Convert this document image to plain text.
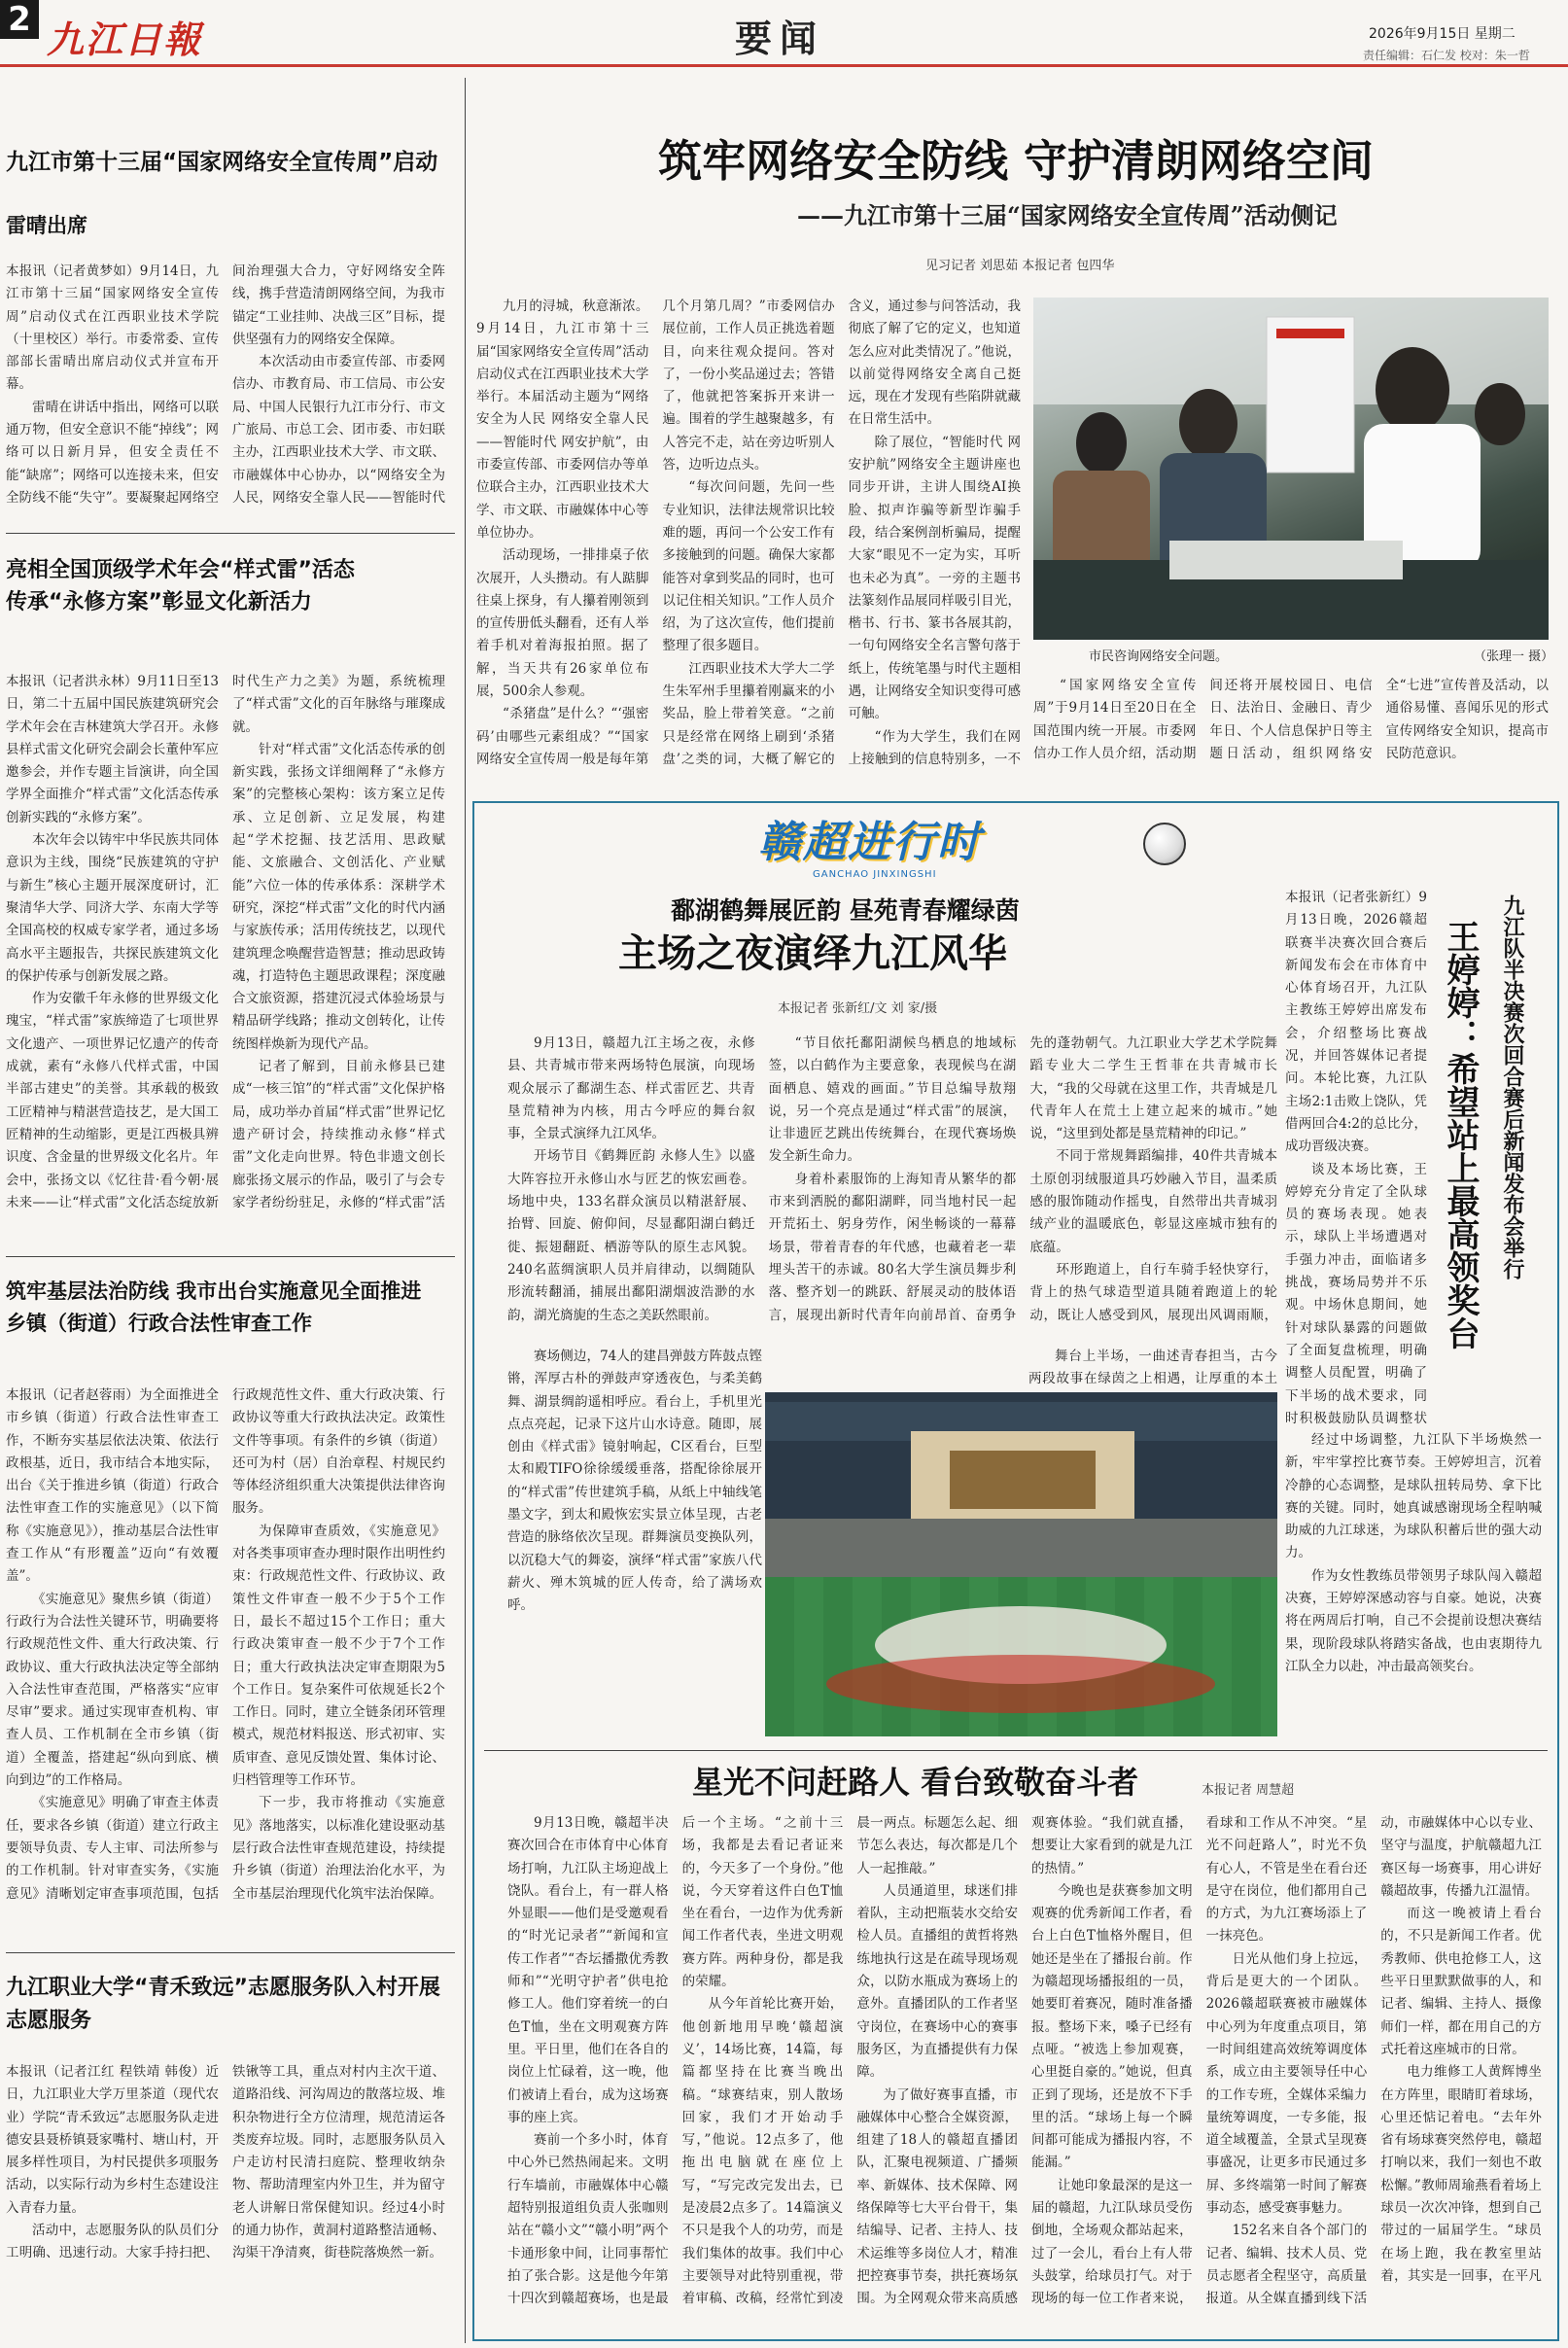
2 九江日報	要闻	2026年9月15日 星期二
责任编辑：石仁发 校对：朱一哲
九江市第十三届“国家网络安全宣传周”启动
雷晴出席

本报讯（记者黄梦如）9月14日，九江市第十三届“国家网络安全宣传周”启动仪式在江西职业技术学院（十里校区）举行。市委常委、宣传部部长雷晴出席启动仪式并宣布开幕。

雷晴在讲话中指出，网络可以联通万物，但安全意识不能“掉线”；网络可以日新月异，但安全责任不能“缺席”；网络可以连接未来，但安全防线不能“失守”。要凝聚起网络空间治理强大合力，守好网络安全阵线，携手营造清朗网络空间，为我市锚定“工业挂帅、决战三区”目标，提供坚强有力的网络安全保障。

本次活动由市委宣传部、市委网信办、市教育局、市工信局、市公安局、中国人民银行九江市分行、市文广旅局、市总工会、团市委、市妇联主办，江西职业技术大学、市文联、市融媒体中心协办，以“网络安全为人民，网络安全靠人民——智能时代

亮相全国顶级学术年会“样式雷”活态传承“永修方案”彰显文化新活力

本报讯（记者洪永林）9月11日至13日，第二十五届中国民族建筑研究会学术年会在吉林建筑大学召开。永修县样式雷文化研究会副会长董仲军应邀参会，并作专题主旨演讲，向全国学界全面推介“样式雷”文化活态传承创新实践的“永修方案”。

本次年会以铸牢中华民族共同体意识为主线，围绕“民族建筑的守护与新生”核心主题开展深度研讨，汇聚清华大学、同济大学、东南大学等全国高校的权威专家学者，通过多场高水平主题报告，共探民族建筑文化的保护传承与创新发展之路。

作为安徽千年永修的世界级文化瑰宝，“样式雷”家族缔造了七项世界文化遗产、一项世界记忆遗产的传奇成就，素有“永修八代样式雷，中国半部古建史”的美誉。其承载的极致工匠精神与精湛营造技艺，是大国工匠精神的生动缩影，更是江西极具辨识度、含金量的世界级文化名片。年会中，张扬文以《忆往昔·看今朝·展未来——让“样式雷”文化活态绽放新时代生产力之美》为题，系统梳理了“样式雷”文化的百年脉络与璀璨成就。

针对“样式雷”文化活态传承的创新实践，张扬文详细阐释了“永修方案”的完整核心架构：该方案立足传承、立足创新、立足发展，构建起“学术挖掘、技艺活用、思政赋能、文旅融合、文创活化、产业赋能”六位一体的传承体系：深耕学术研究，深挖“样式雷”文化的时代内涵与家族传承；活用传统技艺，以现代建筑理念唤醒营造智慧；推动思政铸魂，打造特色主题思政课程；深度融合文旅资源，搭建沉浸式体验场景与精品研学线路；推动文创转化，让传统图样焕新为现代产品。

记者了解到，目前永修县已建成“一核三馆”的“样式雷”文化保护格局，成功举办首届“样式雷”世界记忆遗产研讨会，持续推动永修“样式雷”文化走向世界。特色非遗文创长廊张扬文展示的作品，吸引了与会专家学者纷纷驻足，永修的“样式雷”活

筑牢基层法治防线 我市出台实施意见全面推进乡镇（街道）行政合法性审查工作

本报讯（记者赵蓉雨）为全面推进全市乡镇（街道）行政合法性审查工作，不断夯实基层依法决策、依法行政根基，近日，我市结合本地实际，出台《关于推进乡镇（街道）行政合法性审查工作的实施意见》（以下简称《实施意见》），推动基层合法性审查工作从“有形覆盖”迈向“有效覆盖”。

《实施意见》聚焦乡镇（街道）行政行为合法性关键环节，明确要将行政规范性文件、重大行政决策、行政协议、重大行政执法决定等全部纳入合法性审查范围，严格落实“应审尽审”要求。通过实现审查机构、审查人员、工作机制在全市乡镇（街道）全覆盖，搭建起“纵向到底、横向到边”的工作格局。

《实施意见》明确了审查主体责任，要求各乡镇（街道）建立行政主要领导负责、专人主审、司法所参与的工作机制。针对审查实务，《实施意见》清晰划定审查事项范围，包括行政规范性文件、重大行政决策、行政协议等重大行政执法决定。政策性文件等事项。有条件的乡镇（街道）还可为村（居）自治章程、村规民约等体经济组织重大决策提供法律咨询服务。

为保障审查质效，《实施意见》对各类事项审查办理时限作出明性约束：行政规范性文件、行政协议、政策性文件审查一般不少于5个工作日，最长不超过15个工作日；重大行政决策审查一般不少于7个工作日；重大行政执法决定审查期限为5个工作日。复杂案件可依规延长2个工作日。同时，建立全链条闭环管理模式，规范材料报送、形式初审、实质审查、意见反馈处置、集体讨论、归档管理等工作环节。

下一步，我市将推动《实施意见》落地落实，以标准化建设驱动基层行政合法性审查规范建设，持续提升乡镇（街道）治理法治化水平，为全市基层治理现代化筑牢法治保障。

九江职业大学“青禾致远”志愿服务队入村开展志愿服务

本报讯（记者江红 程铁靖 韩俊）近日，九江职业大学万里茶道（现代农业）学院“青禾致远”志愿服务队走进德安县聂桥镇聂家嘴村、塘山村，开展多样性项目，为村民提供多项服务活动，以实际行动为乡村生态建设注入青春力量。

活动中，志愿服务队的队员们分工明确、迅速行动。大家手持扫把、铁锹等工具，重点对村内主次干道、道路沿线、河沟周边的散落垃圾、堆积杂物进行全方位清理，规范清运各类废弃垃圾。同时，志愿服务队员入户走访村民清扫庭院、整理收纳杂物、帮助清理室内外卫生，并为留守老人讲解日常保健知识。经过4小时的通力协作，黄洞村道路整洁通畅、沟渠干净清爽，街巷院落焕然一新。

筑牢网络安全防线 守护清朗网络空间
——九江市第十三届“国家网络安全宣传周”活动侧记
见习记者 刘思茹 本报记者 包四华

九月的浔城，秋意渐浓。9月14日，九江市第十三届“国家网络安全宣传周”活动启动仪式在江西职业技术大学举行。本届活动主题为“网络安全为人民 网络安全靠人民——智能时代 网安护航”，由市委宣传部、市委网信办等单位联合主办，江西职业技术大学、市文联、市融媒体中心等单位协办。

活动现场，一排排桌子依次展开，人头攒动。有人踮脚往桌上探身，有人攥着刚领到的宣传册低头翻看，还有人举着手机对着海报拍照。据了解，当天共有26家单位布展，500余人参观。

“杀猪盘”是什么？“‘强密码’由哪些元素组成？”“国家网络安全宣传周一般是每年第几个月第几周？”市委网信办展位前，工作人员正挑选着题目，向来往观众提问。答对了，一份小奖品递过去；答错了，他就把答案拆开来讲一遍。围着的学生越聚越多，有人答完不走，站在旁边听别人答，边听边点头。

“每次问问题，先问一些专业知识，法律法规常识比较难的题，再问一个公安工作有多接触到的问题。确保大家都能答对拿到奖品的同时，也可以记住相关知识。”工作人员介绍，为了这次宣传，他们提前整理了很多题目。

江西职业技术大学大二学生朱军州手里攥着刚赢来的小奖品，脸上带着笑意。“之前只是经常在网络上刷到‘杀猪盘’之类的词，大概了解它的含义，通过参与问答活动，我彻底了解了它的定义，也知道怎么应对此类情况了。”他说，以前觉得网络安全离自己挺远，现在才发现有些陷阱就藏在日常生活中。

除了展位，“智能时代 网安护航”网络安全主题讲座也同步开讲，主讲人围绕AI换脸、拟声诈骗等新型诈骗手段，结合案例剖析骗局，提醒大家“眼见不一定为实，耳听也未必为真”。一旁的主题书法篆刻作品展同样吸引目光，楷书、行书、篆书各展其韵，一句句网络安全名言警句落于纸上，传统笔墨与时代主题相遇，让网络安全知识变得可感可触。

“作为大学生，我们在网上接触到的信息特别多，一不

市民咨询网络安全问题。	（张理一 摄）

“国家网络安全宣传周”于9月14日至20日在全国范围内统一开展。市委网信办工作人员介绍，活动期间还将开展校园日、电信日、法治日、金融日、青少年日、个人信息保护日等主题日活动，组织网络安全“七进”宣传普及活动，以通俗易懂、喜闻乐见的形式宣传网络安全知识，提高市民防范意识。

赣超进行时
GANCHAO JINXINGSHI
鄱湖鹤舞展匠韵 昼苑青春耀绿茵
主场之夜演绎九江风华
本报记者 张新红/文 刘 家/摄

9月13日，赣超九江主场之夜，永修县、共青城市带来两场特色展演，向现场观众展示了鄱湖生态、样式雷匠艺、共青垦荒精神为内核，用古今呼应的舞台叙事，全景式演绎九江风华。

开场节目《鹤舞匠韵 永修人生》以盛大阵容拉开永修山水与匠艺的恢宏画卷。场地中央，133名群众演员以精湛舒展、抬臂、回旋、俯仰间，尽显鄱阳湖白鹤迁徙、振翅翻跹、栖游等队的原生志风貌。240名蓝绸演职人员并肩律动，以绸随队形流转翻涌，捕展出鄱阳湖烟波浩渺的水韵，湖光旖旎的生态之美跃然眼前。

“节目依托鄱阳湖候鸟栖息的地域标签，以白鹤作为主要意象，表现候鸟在湖面栖息、嬉戏的画面。”节目总编导敖翔说，另一个亮点是通过“样式雷”的展演，让非遗匠艺跳出传统舞台，在现代赛场焕发全新生命力。

身着朴素服饰的上海知青从繁华的都市来到洒脱的鄱阳湖畔，同当地村民一起开荒拓土、躬身劳作，闲坐畅谈的一幕幕场景，带着青春的年代感，也藏着老一辈埋头苦干的赤诚。80名大学生演员舞步利落、整齐划一的跳跃、舒展灵动的肢体语言，展现出新时代青年向前昂首、奋勇争先的蓬勃朝气。九江职业大学艺术学院舞蹈专业大二学生王哲菲在共青城市长大，“我的父母就在这里工作，共青城是几代青年人在荒土上建立起来的城市。”她说，“这里到处都是垦荒精神的印记。”

不同于常规舞蹈编排，40件共青城本土原创羽绒服道具巧妙融入节目，温柔质感的服饰随动作摇曳，自然带出共青城羽绒产业的温暖底色，彰显这座城市独有的底蕴。

环形跑道上，自行车骑手轻快穿行，背上的热气球造型道具随着跑道上的轮动，既让人感受到风，展现出风调雨顺，

赛场侧边，74人的建昌弹鼓方阵鼓点铿锵，浑厚古朴的弹鼓声穿透夜色，与柔美鹤舞、湖景绸韵遥相呼应。看台上，手机里光点点亮起，记录下这片山水诗意。随即，展创由《样式雷》镜射响起，C区看台，巨型太和殿TIFO徐徐缓缓垂落，搭配徐徐展开的“样式雷”传世建筑手稿，从纸上中轴线笔墨文字，到太和殿恢宏实景立体呈现，古老营造的脉络依次呈现。群舞演员变换队列，以沉稳大气的舞姿，演绎“样式雷”家族八代薪火、殚木筑城的匠人传奇，给了满场欢呼。

舞台上半场，一曲述青春担当，古今两段故事在绿茵之上相遇，让厚重的本土

九江队半决赛次回合赛后新闻发布会举行
王婷婷：希望站上最高领奖台

本报讯（记者张新红）9月13日晚，2026赣超联赛半决赛次回合赛后新闻发布会在市体育中心体育场召开，九江队主教练王婷婷出席发布会，介绍整场比赛战况，并回答媒体记者提问。本轮比赛，九江队主场2:1击败上饶队，凭借两回合4:2的总比分，成功晋级决赛。

谈及本场比赛，王婷婷充分肯定了全队球员的赛场表现。她表示，球队上半场遭遇对手强力冲击，面临诸多挑战，赛场局势并不乐观。中场休息期间，她针对球队暴露的问题做了全面复盘梳理，明确调整人员配置，明确了下半场的战术要求，同时积极鼓励队员调整状

经过中场调整，九江队下半场焕然一新，牢牢掌控比赛节奏。王婷婷坦言，沉着冷静的心态调整，是球队扭转局势、拿下比赛的关键。同时，她真诚感谢现场全程呐喊助威的九江球迷，为球队积蓄后世的强大动力。

作为女性教练员带领男子球队闯入赣超决赛，王婷婷深感动容与自豪。她说，决赛将在两周后打响，自己不会提前设想决赛结果，现阶段球队将踏实备战，也由衷期待九江队全力以赴，冲击最高领奖台。

星光不问赶路人 看台致敬奋斗者	本报记者 周慧超

9月13日晚，赣超半决赛次回合在市体育中心体育场打响，九江队主场迎战上饶队。看台上，有一群人格外显眼——他们是受邀观看的“时光记录者”“新闻和宣传工作者”“杏坛播撒优秀教师和”“光明守护者”供电抢修工人。他们穿着统一的白色T恤，坐在文明观赛方阵里。平日里，他们在各自的岗位上忙碌着，这一晚，他们被请上看台，成为这场赛事的座上宾。

赛前一个多小时，体育中心外已然热闹起来。文明行车墙前，市融媒体中心赣超特别报道组负责人张咖则站在“赣小文”“赣小明”两个卡通形象中间，让同事帮忙拍了张合影。这是他今年第十四次到赣超赛场，也是最后一个主场。“之前十三场，我都是去看记者证来的，今天多了一个身份。”他说，今天穿着这件白色T恤坐在看台，一边作为优秀新闻工作者代表，坐进文明观赛方阵。两种身份，都是我的荣耀。

从今年首轮比赛开始，他创新地用早晚‘赣超演义’，14场比赛，14篇，每篇都坚持在比赛当晚出稿。“球赛结束，别人散场回家，我们才开始动手写，”他说。12点多了，他拖出电脑就在座位上写，“写完改完发出去，已是凌晨2点多了。14篇演义不只是我个人的功劳，而是我们集体的故事。我们中心主要领导对此特别重视，带着审稿、改稿，经常忙到凌晨一两点。标题怎么起、细节怎么表达，每次都是几个人一起推敲。”

人员通道里，球迷们排着队，主动把瓶装水交给安检人员。直播组的黄哲将熟练地执行这是在疏导现场观众，以防水瓶成为赛场上的意外。直播团队的工作者坚守岗位，在赛场中心的赛事服务区，为直播提供有力保障。

为了做好赛事直播，市融媒体中心整合全媒资源，组建了18人的赣超直播团队，汇聚电视频道、广播频率、新媒体、技术保障、网络保障等七大平台骨干，集结编导、记者、主持人、技术运维等多岗位人才，精准把控赛事节奏，拱托赛场氛围。为全网观众带来高质感观赛体验。“我们就直播，想要让大家看到的就是九江的热情。”

今晚也是获赛参加文明观赛的优秀新闻工作者，看台上白色T恤格外醒目，但她还是坐在了播报台前。作为赣超现场播报组的一员，她要盯着赛况，随时准备播报。整场下来，嗓子已经有点哑。“被选上参加观赛，心里挺自豪的。”她说，但真正到了现场，还是放不下手里的活。“球场上每一个瞬间都可能成为播报内容，不能漏。”

让她印象最深的是这一届的赣超，九江队球员受伤倒地，全场观众都站起来，过了一会儿，看台上有人带头鼓掌，给球员打气。对于现场的每一位工作者来说，看球和工作从不冲突。“星光不问赶路人”，时光不负有心人，不管是坐在看台还是守在岗位，他们都用自己的方式，为九江赛场添上了一抹亮色。

日光从他们身上拉远，背后是更大的一个团队。2026赣超联赛被市融媒体中心列为年度重点项目，第一时间组建高效统筹调度体系，成立由主要领导任中心的工作专班，全媒体采编力量统筹调度，一专多能，报道全域覆盖，全景式呈现赛事盛况，让更多市民通过多屏、多终端第一时间了解赛事动态，感受赛事魅力。

152名来自各个部门的记者、编辑、技术人员、党员志愿者全程坚守，高质量报道。从全媒直播到线下活动，市融媒体中心以专业、坚守与温度，护航赣超九江赛区每一场赛事，用心讲好赣超故事，传播九江温情。

而这一晚被请上看台的，不只是新闻工作者。优秀教师、供电抢修工人，这些平日里默默做事的人，和记者、编辑、主持人、摄像师们一样，都在用自己的方式托着这座城市的日常。

电力维修工人黄辉博坐在方阵里，眼睛盯着球场，心里还惦记着电。“去年外省有场球赛突然停电，赣超打响以来，我们一刻也不敢松懈。”教师周瑜燕看着场上球员一次次冲锋，想到自己带过的一届届学生。“球员在场上跑，我在教室里站着，其实是一回事，在平凡
